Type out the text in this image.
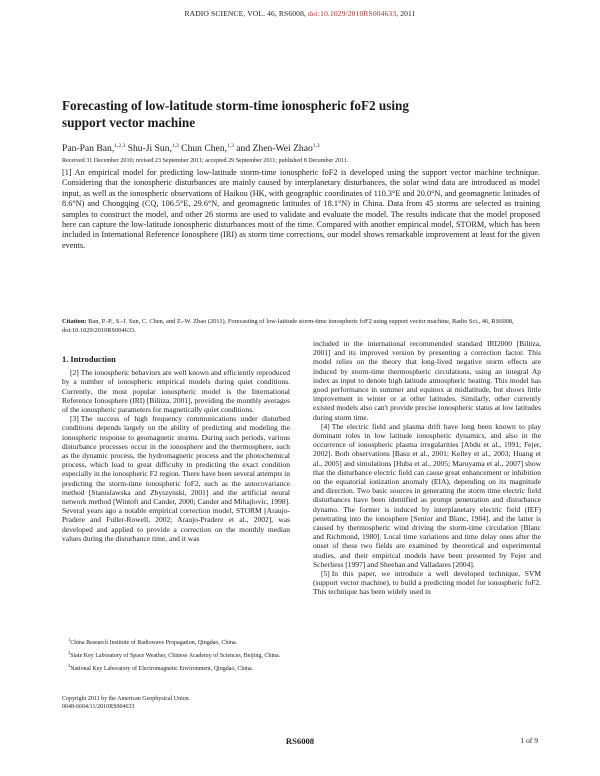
RADIO SCIENCE, VOL. 46, RS6008, doi:10.1029/2010RS004633, 2011
Forecasting of low-latitude storm-time ionospheric foF2 using support vector machine
Pan-Pan Ban,$^{1,2,3}$ Shu-Ji Sun,$^{1,3}$ Chun Chen,$^{1,3}$ and Zhen-Wei Zhao$^{1,3}$
Received 31 December 2010; revised 23 September 2011; accepted 29 September 2011; published 8 December 2011.
[1] An empirical model for predicting low-latitude storm-time ionospheric foF2 is developed using the support vector machine technique. Considering that the ionospheric disturbances are mainly caused by interplanetary disturbances, the solar wind data are introduced as model input, as well as the ionospheric observations of Haikou (HK, with geographic coordinates of 110.3°E and 20.0°N, and geomagnetic latitudes of 8.6°N) and Chongqing (CQ, 106.5°E, 29.6°N, and geomagnetic latitudes of 18.1°N) in China. Data from 45 storms are selected as training samples to construct the model, and other 26 storms are used to validate and evaluate the model. The results indicate that the model proposed here can capture the low-latitude ionospheric disturbances most of the time. Compared with another empirical model, STORM, which has been included in International Reference Ionosphere (IRI) as storm time corrections, our model shows remarkable improvement at least for the given events.
Citation: Ban, P.-P., S.-J. Sun, C. Chen, and Z.-W. Zhao (2011), Forecasting of low-latitude storm-time ionospheric foF2 using support vector machine, Radio Sci., 46, RS6008, doi:10.1029/2010RS004633.
1. Introduction

[2] The ionospheric behaviors are well known and efficiently reproduced by a number of ionospheric empirical models during quiet conditions. Currently, the most popular ionospheric model is the International Reference Ionosphere (IRI) [Bilitza, 2001], providing the monthly averages of the ionospheric parameters for magnetically quiet conditions.

[3] The success of high frequency communications under disturbed conditions depends largely on the ability of predicting and modeling the ionospheric response to geomagnetic storms. During such periods, various disturbance processes occur in the ionosphere and the thermosphere, such as the dynamic process, the hydromagnetic process and the photochemical process, which lead to great difficulty in predicting the exact condition especially in the ionospheric F2 region. There have been several attempts in predicting the storm-time ionospheric foF2, such as the autocovariance method [Stanislawska and Zbyszynski, 2001] and the artificial neural network method [Wintoft and Cander, 2000; Cander and Mihajlovic, 1998]. Several years ago a notable empirical correction model, STORM [Araujo-Pradere and Fuller-Rowell, 2002; Araujo-Pradere et al., 2002], was developed and applied to provide a correction on the monthly median values during the disturbance time, and it was

$^1$China Research Institute of Radiowave Propagation, Qingdao, China.

$^2$State Key Laboratory of Space Weather, Chinese Academy of Sciences, Beijing, China.

$^3$National Key Laboratory of Electromagnetic Environment, Qingdao, China.

Copyright 2011 by the American Geophysical Union.
0048-6604/11/2010RS004633

included in the international recommended standard IRI2000 [Bilitza, 2001] and its improved version by presenting a correction factor. This model relies on the theory that long-lived negative storm effects are induced by storm-time thermospheric circulations, using an integral Ap index as input to denote high latitude atmospheric heating. This model has good performance in summer and equinox at midlatitude, but shows little improvement in winter or at other latitudes. Similarly, other currently existed models also can't provide precise ionospheric status at low latitudes during storm time.

[4] The electric field and plasma drift have long been known to play dominant roles in low latitude ionospheric dynamics, and also in the occurrence of ionospheric plasma irregularities [Abdu et al., 1991; Fejer, 2002]. Both observations [Basu et al., 2001; Kelley et al., 2003; Huang et al., 2005] and simulations [Huba et al., 2005; Maruyama et al., 2007] show that the disturbance electric field can cause great enhancement or inhibition on the equatorial ionization anomaly (EIA), depending on its magnitude and direction. Two basic sources in generating the storm time electric field disturbances have been identified as prompt penetration and disturbance dynamo. The former is induced by interplanetary electric field (IEF) penetrating into the ionosphere [Senior and Blanc, 1984], and the latter is caused by thermospheric wind driving the storm-time circulation [Blanc and Richmond, 1980]. Local time variations and time delay ones after the onset of these two fields are examined by theoretical and experimental studies, and their empirical models have been presented by Fejer and Scherliess [1997] and Sheehan and Valladares [2004].

[5] In this paper, we introduce a well developed technique, SVM (support vector machine), to build a predicting model for ionospheric foF2. This technique has been widely used in

RS6008	1 of 9
